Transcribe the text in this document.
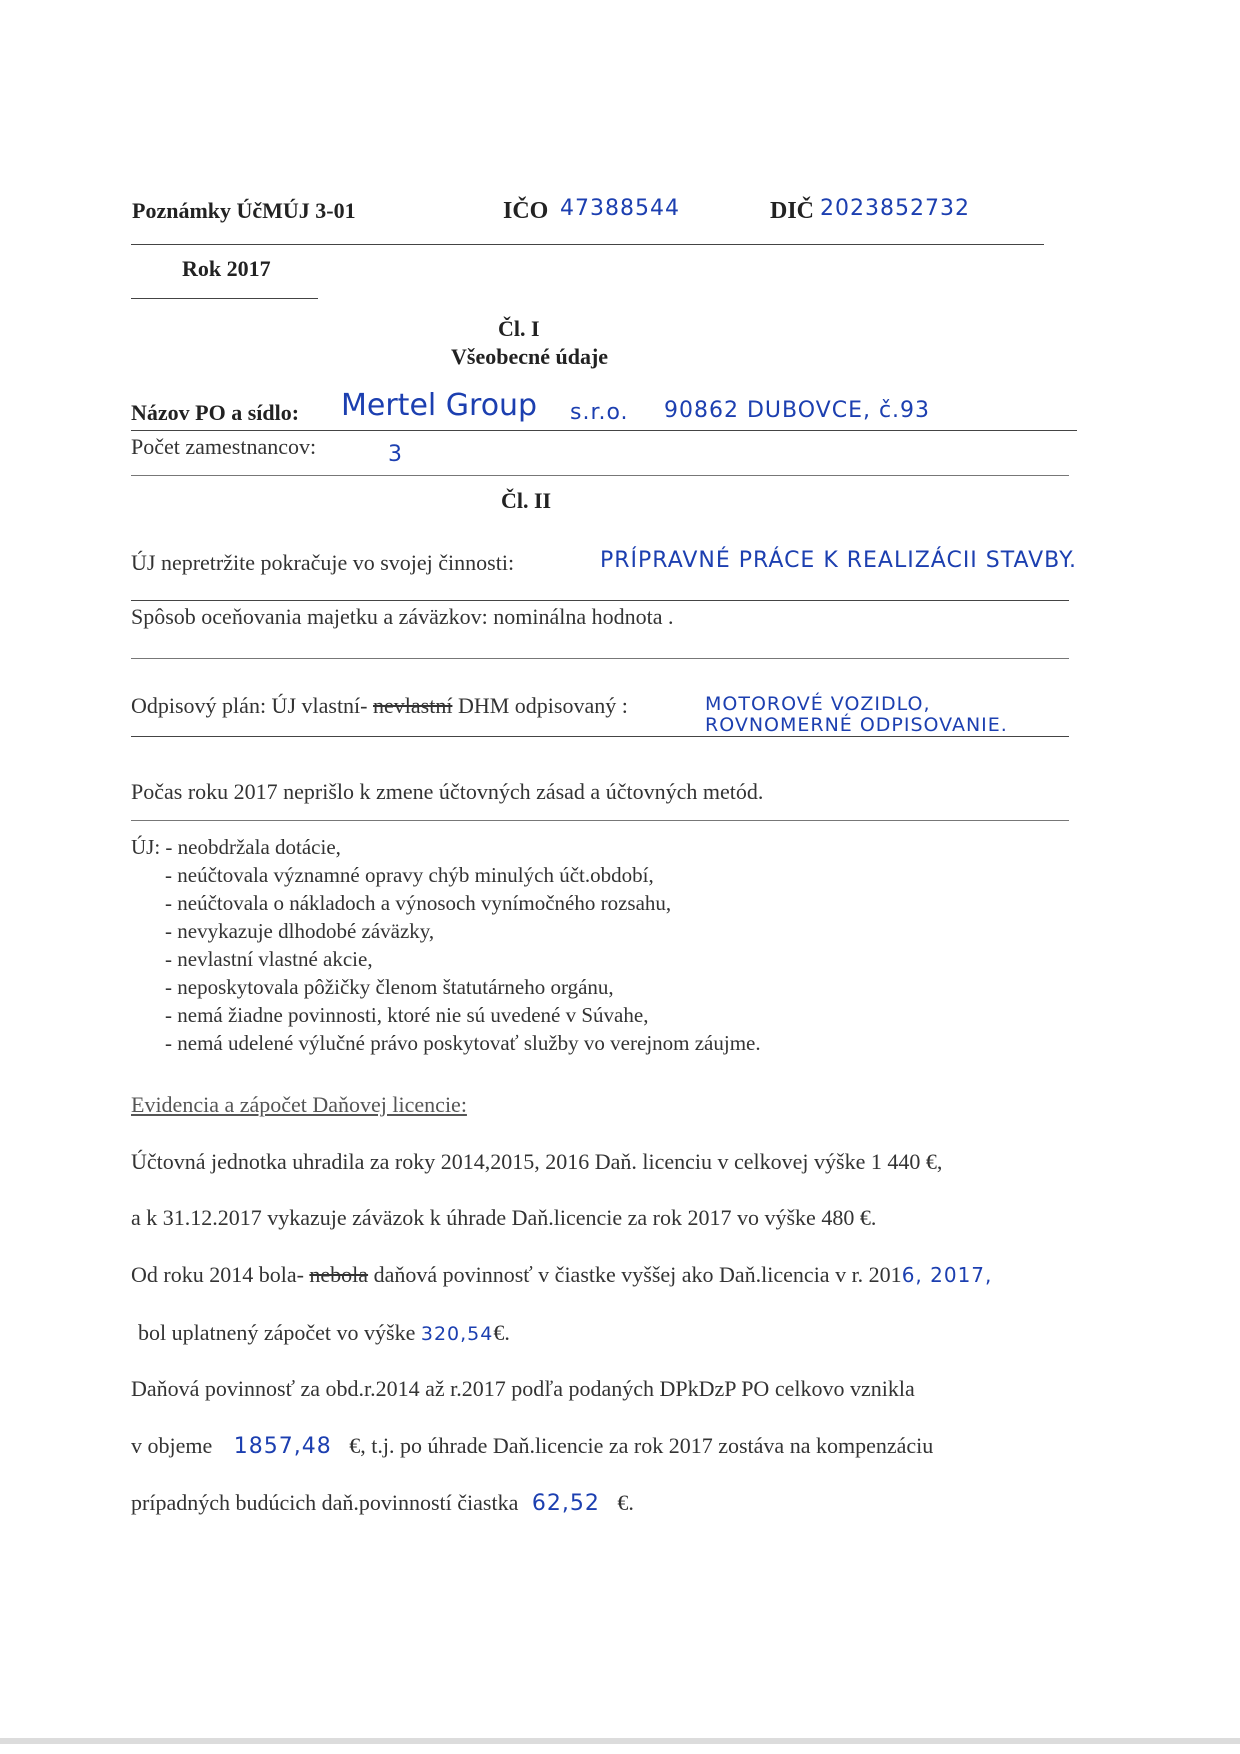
Poznámky ÚčMÚJ 3-01	IČO 47388544	DIČ 2023852732
Rok 2017
Čl. I
Všeobecné údaje
Názov PO a sídlo: Mertel Group s.r.o. 90862 DUBOVCE, č.93
Počet zamestnancov:	3
Čl. II
ÚJ nepretržite pokračuje vo svojej činnosti:	PRÍPRAVNÉ PRÁCE K REALIZÁCII STAVBY.
Spôsob oceňovania majetku a záväzkov: nominálna hodnota .
Odpisový plán: ÚJ vlastní- nevlastní DHM odpisovaný :	MOTOROVÉ VOZIDLO,
ROVNOMERNÉ ODPISOVANIE.
Počas roku 2017 neprišlo k zmene účtovných zásad a účtovných metód.
ÚJ: - neobdržala dotácie,
- neúčtovala významné opravy chýb minulých účt.období,
- neúčtovala o nákladoch a výnosoch vynímočného rozsahu,
- nevykazuje dlhodobé záväzky,
- nevlastní vlastné akcie,
- neposkytovala pôžičky členom štatutárneho orgánu,
- nemá žiadne povinnosti, ktoré nie sú uvedené v Súvahe,
- nemá udelené výlučné právo poskytovať služby vo verejnom záujme.
Evidencia a zápočet Daňovej licencie:
Účtovná jednotka uhradila za roky 2014,2015, 2016 Daň. licenciu v celkovej výške 1 440 €,
a k 31.12.2017 vykazuje záväzok k úhrade Daň.licencie za rok 2017 vo výške 480 €.
Od roku 2014 bola- nebola daňová povinnosť v čiastke vyššej ako Daň.licencia v r. 2016, 2017,
bol uplatnený zápočet vo výške 320,54€.
Daňová povinnosť za obd.r.2014 až r.2017 podľa podaných DPkDzP PO celkovo vznikla
v objeme 1857,48 €, t.j. po úhrade Daň.licencie za rok 2017 zostáva na kompenzáciu
prípadných budúcich daň.povinností čiastka 62,52 €.
